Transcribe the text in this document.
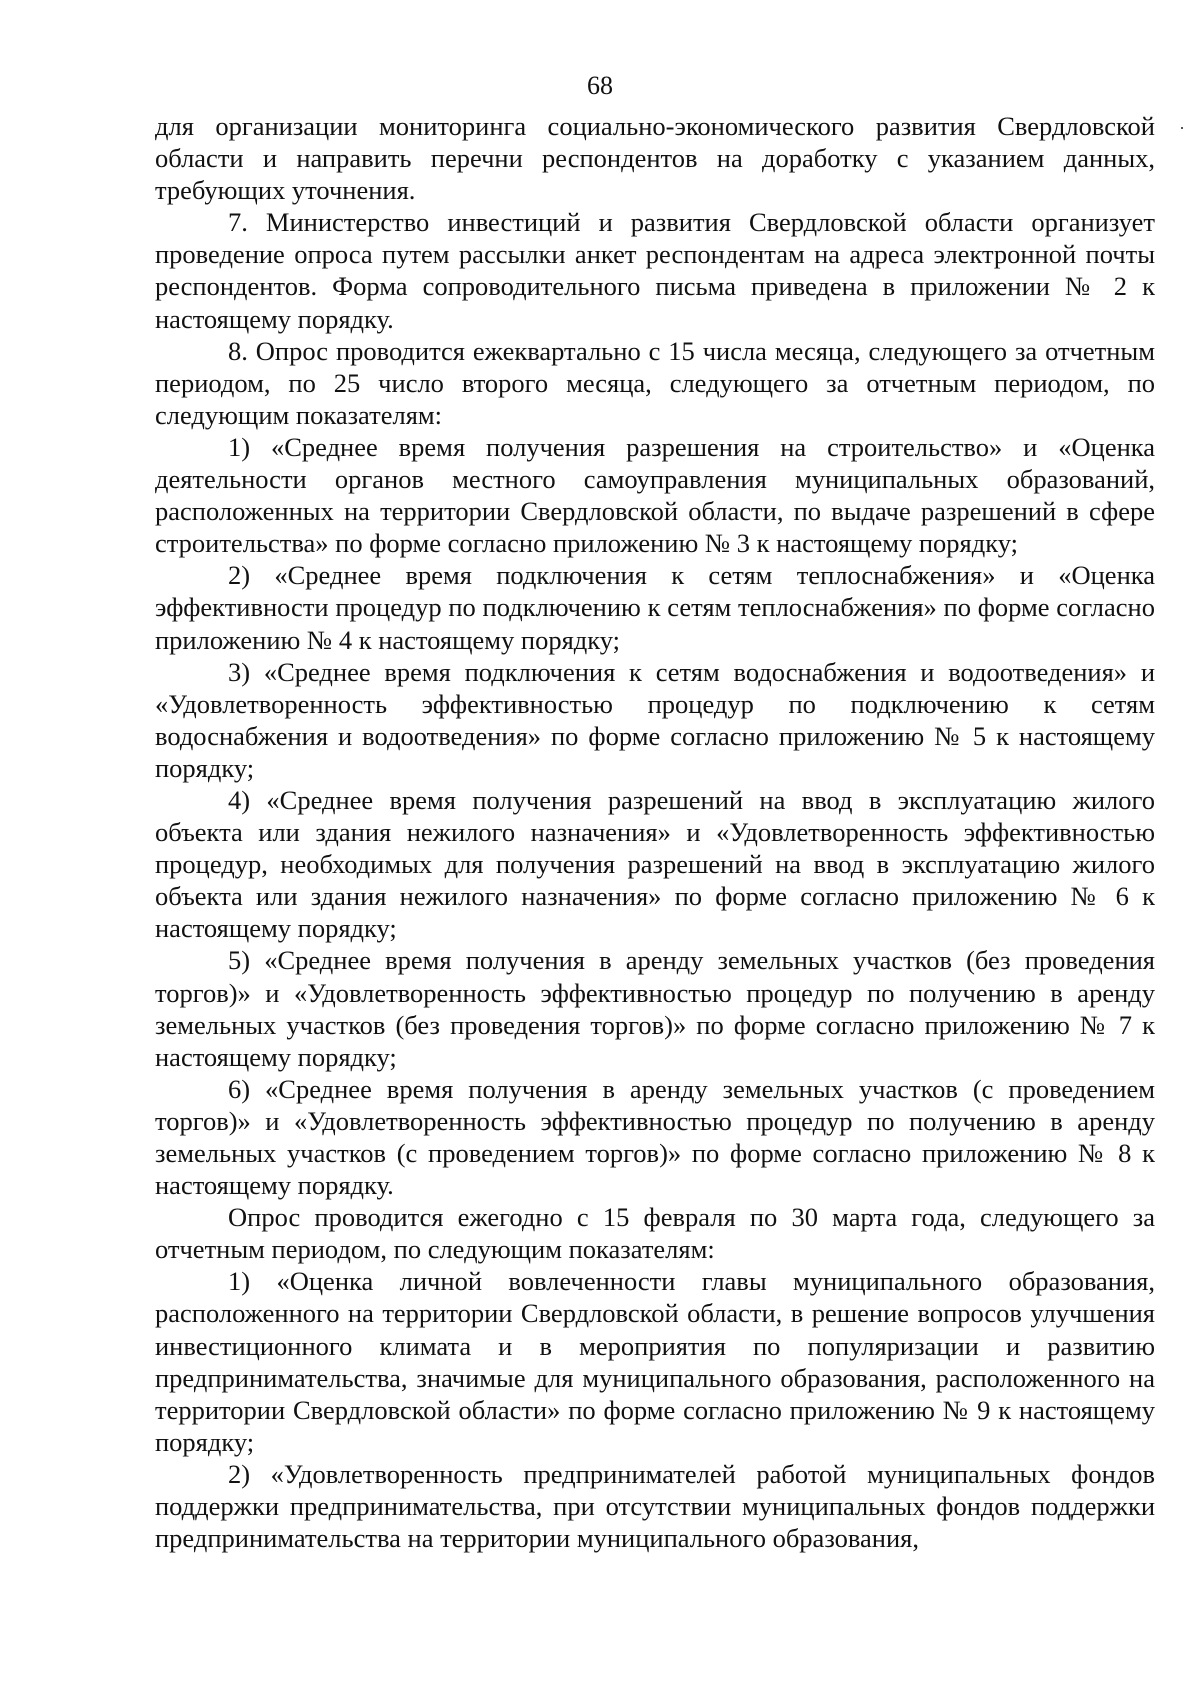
68

для организации мониторинга социально-экономического развития Свердловской области и направить перечни респондентов на доработку с указанием данных, требующих уточнения.

7. Министерство инвестиций и развития Свердловской области организует проведение опроса путем рассылки анкет респондентам на адреса электронной почты респондентов. Форма сопроводительного письма приведена в приложении № 2 к настоящему порядку.

8. Опрос проводится ежеквартально с 15 числа месяца, следующего за отчетным периодом, по 25 число второго месяца, следующего за отчетным периодом, по следующим показателям:

1) «Среднее время получения разрешения на строительство» и «Оценка деятельности органов местного самоуправления муниципальных образований, расположенных на территории Свердловской области, по выдаче разрешений в сфере строительства» по форме согласно приложению № 3 к настоящему порядку;

2) «Среднее время подключения к сетям теплоснабжения» и «Оценка эффективности процедур по подключению к сетям теплоснабжения» по форме согласно приложению № 4 к настоящему порядку;

3) «Среднее время подключения к сетям водоснабжения и водоотведения» и «Удовлетворенность эффективностью процедур по подключению к сетям водоснабжения и водоотведения» по форме согласно приложению № 5 к настоящему порядку;

4) «Среднее время получения разрешений на ввод в эксплуатацию жилого объекта или здания нежилого назначения» и «Удовлетворенность эффективностью процедур, необходимых для получения разрешений на ввод в эксплуатацию жилого объекта или здания нежилого назначения» по форме согласно приложению № 6 к настоящему порядку;

5) «Среднее время получения в аренду земельных участков (без проведения торгов)» и «Удовлетворенность эффективностью процедур по получению в аренду земельных участков (без проведения торгов)» по форме согласно приложению № 7 к настоящему порядку;

6) «Среднее время получения в аренду земельных участков (с проведением торгов)» и «Удовлетворенность эффективностью процедур по получению в аренду земельных участков (с проведением торгов)» по форме согласно приложению № 8 к настоящему порядку.

Опрос проводится ежегодно с 15 февраля по 30 марта года, следующего за отчетным периодом, по следующим показателям:

1) «Оценка личной вовлеченности главы муниципального образования, расположенного на территории Свердловской области, в решение вопросов улучшения инвестиционного климата и в мероприятия по популяризации и развитию предпринимательства, значимые для муниципального образования, расположенного на территории Свердловской области» по форме согласно приложению № 9 к настоящему порядку;

2) «Удовлетворенность предпринимателей работой муниципальных фондов поддержки предпринимательства, при отсутствии муниципальных фондов поддержки предпринимательства на территории муниципального образования,
